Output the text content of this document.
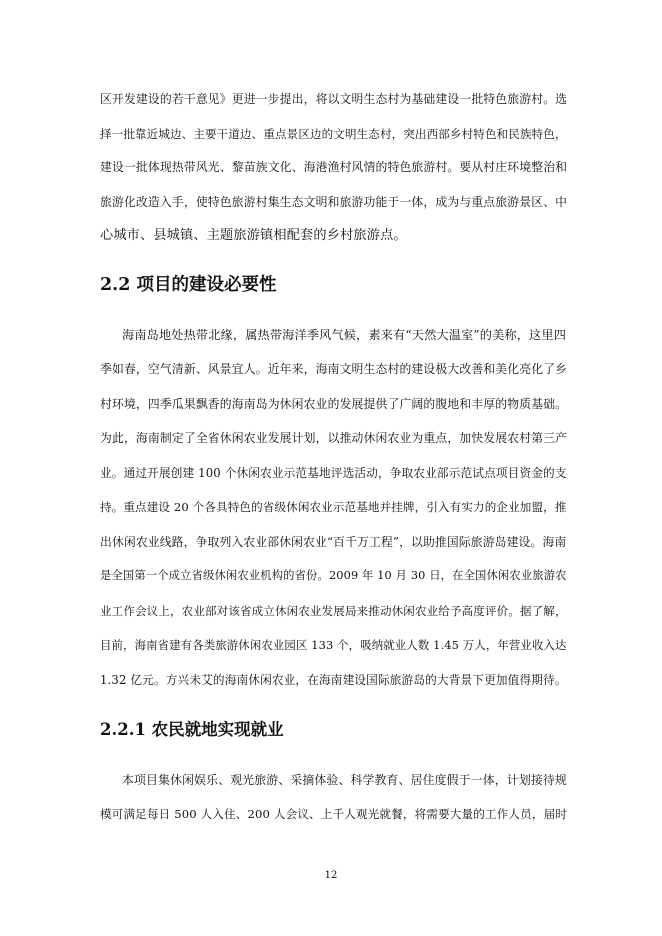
区开发建设的若干意见》更进一步提出，将以文明生态村为基础建设一批特色旅游村。选
择一批靠近城边、主要干道边、重点景区边的文明生态村，突出西部乡村特色和民族特色，
建设一批体现热带风光、黎苗族文化、海港渔村风情的特色旅游村。要从村庄环境整治和
旅游化改造入手，使特色旅游村集生态文明和旅游功能于一体，成为与重点旅游景区、中
心城市、县城镇、主题旅游镇相配套的乡村旅游点。
2.2 项目的建设必要性
海南岛地处热带北缘，属热带海洋季风气候，素来有“天然大温室”的美称，这里四
季如春，空气清新、风景宜人。近年来，海南文明生态村的建设极大改善和美化亮化了乡
村环境，四季瓜果飘香的海南岛为休闲农业的发展提供了广阔的腹地和丰厚的物质基础。
为此，海南制定了全省休闲农业发展计划，以推动休闲农业为重点，加快发展农村第三产
业。通过开展创建 100 个休闲农业示范基地评选活动，争取农业部示范试点项目资金的支
持。重点建设 20 个各具特色的省级休闲农业示范基地并挂牌，引入有实力的企业加盟，推
出休闲农业线路，争取列入农业部休闲农业“百千万工程”，以助推国际旅游岛建设。海南
是全国第一个成立省级休闲农业机构的省份。2009 年 10 月 30 日，在全国休闲农业旅游农
业工作会议上，农业部对该省成立休闲农业发展局来推动休闲农业给予高度评价。据了解，
目前，海南省建有各类旅游休闲农业园区 133 个，吸纳就业人数 1.45 万人，年营业收入达
1.32 亿元。方兴未艾的海南休闲农业，在海南建设国际旅游岛的大背景下更加值得期待。
2.2.1 农民就地实现就业
本项目集休闲娱乐、观光旅游、采摘体验、科学教育、居住度假于一体，计划接待规
模可满足每日 500 人入住、200 人会议、上千人观光就餐，将需要大量的工作人员，届时
12
